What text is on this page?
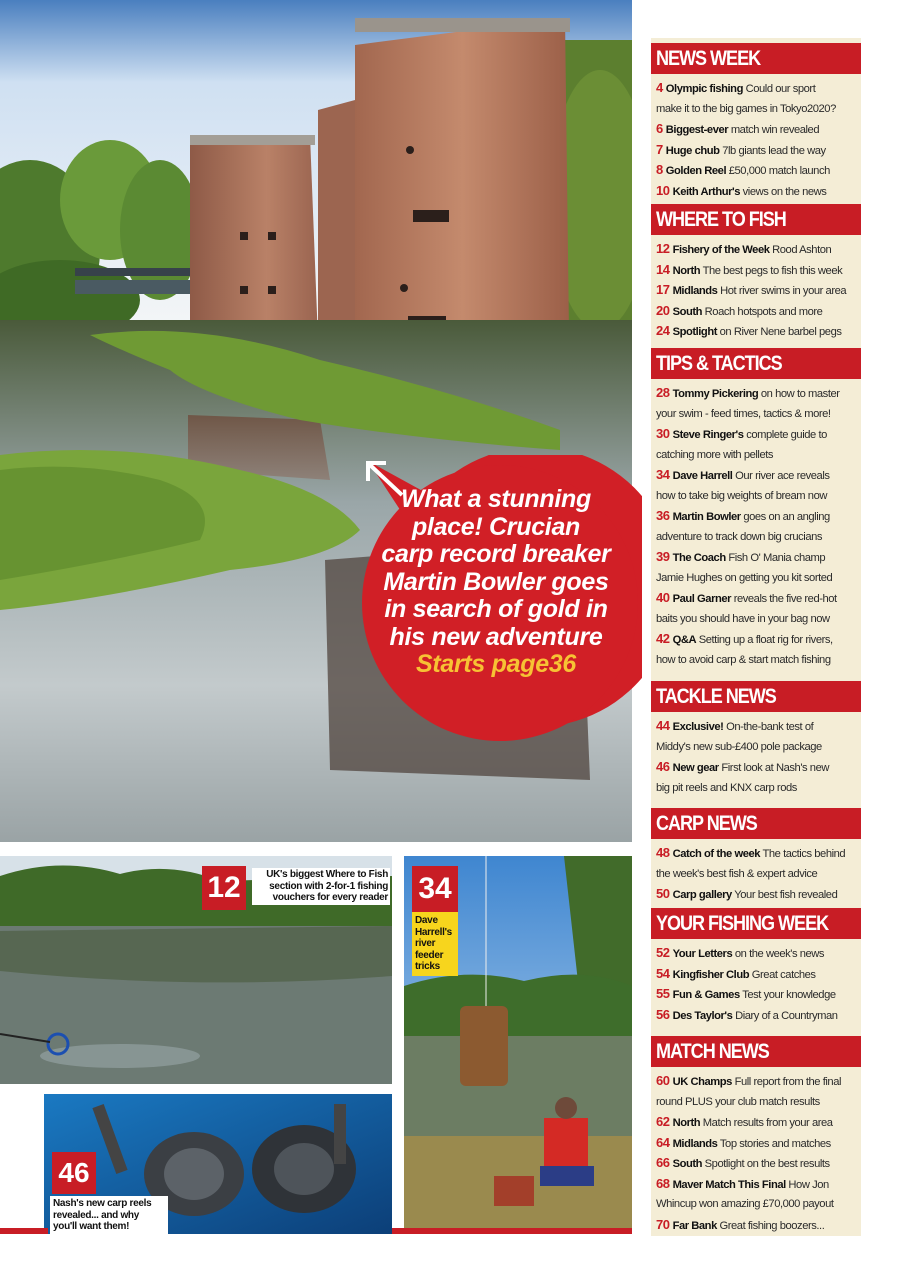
What a stunning
place! Crucian
carp record breaker
Martin Bowler goes
in search of gold in
his new adventure
Starts page36
NEWS WEEK
4 Olympic fishing Could our sport
make it to the big games in Tokyo2020?
6 Biggest-ever match win revealed
7 Huge chub 7lb giants lead the way
8 Golden Reel £50,000 match launch
10 Keith Arthur's views on the news
WHERE TO FISH
12 Fishery of the Week Rood Ashton
14 North The best pegs to fish this week
17 Midlands Hot river swims in your area
20 South Roach hotspots and more
24 Spotlight on River Nene barbel pegs
TIPS & TACTICS
28 Tommy Pickering on how to master
your swim - feed times, tactics & more!
30 Steve Ringer's complete guide to
catching more with pellets
34 Dave Harrell Our river ace reveals
how to take big weights of bream now
36 Martin Bowler goes on an angling
adventure to track down big crucians
39 The Coach Fish O' Mania champ
Jamie Hughes on getting you kit sorted
40 Paul Garner reveals the five red-hot
baits you should have in your bag now
42 Q&A Setting up a float rig for rivers,
how to avoid carp & start match fishing
TACKLE NEWS
44 Exclusive! On-the-bank test of
Middy's new sub-£400 pole package
46 New gear First look at Nash's new
big pit reels and KNX carp rods
CARP NEWS
48 Catch of the week The tactics behind
the week's best fish & expert advice
50 Carp gallery Your best fish revealed
YOUR FISHING WEEK
52 Your Letters on the week's news
54 Kingfisher Club Great catches
55 Fun & Games Test your knowledge
56 Des Taylor's Diary of a Countryman
MATCH NEWS
60 UK Champs Full report from the final
round PLUS your club match results
62 North Match results from your area
64 Midlands Top stories and matches
66 South Spotlight on the best results
68 Maver Match This Final How Jon
Whincup won amazing £70,000 payout
70 Far Bank Great fishing boozers...
12	UK's biggest Where to Fish
section with 2-for-1 fishing
vouchers for every reader
46
Nash's new carp reels
revealed... and why
you'll want them!
34
Dave
Harrell's
river
feeder
tricks
